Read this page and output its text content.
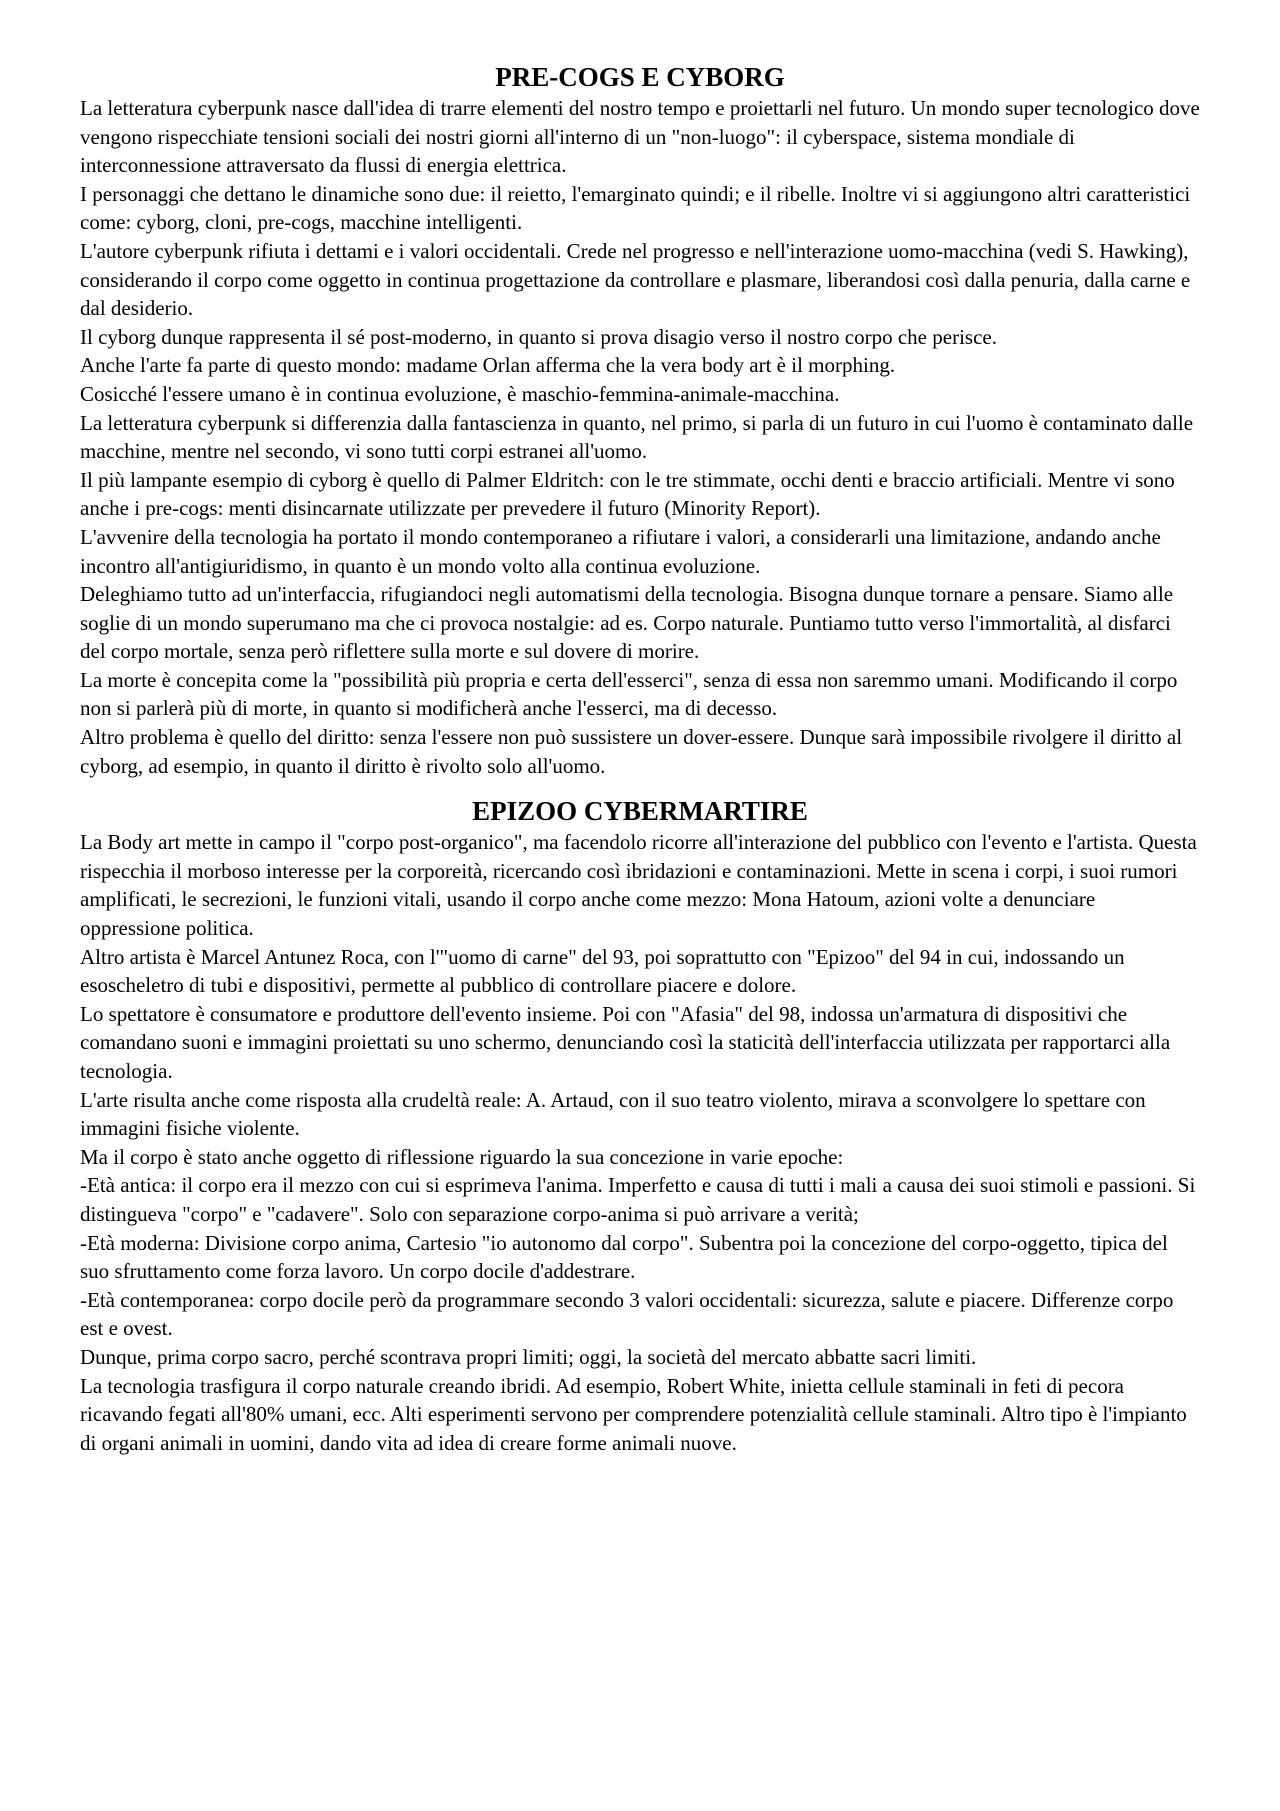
PRE-COGS E CYBORG

La letteratura cyberpunk nasce dall'idea di trarre elementi del nostro tempo e proiettarli nel futuro. Un mondo super tecnologico dove vengono rispecchiate tensioni sociali dei nostri giorni all'interno di un "non-luogo": il cyberspace, sistema mondiale di interconnessione attraversato da flussi di energia elettrica.

I personaggi che dettano le dinamiche sono due: il reietto, l'emarginato quindi; e il ribelle. Inoltre vi si aggiungono altri caratteristici come: cyborg, cloni, pre-cogs, macchine intelligenti.

L'autore cyberpunk rifiuta i dettami e i valori occidentali. Crede nel progresso e nell'interazione uomo-macchina (vedi S. Hawking), considerando il corpo come oggetto in continua progettazione da controllare e plasmare, liberandosi così dalla penuria, dalla carne e dal desiderio.

Il cyborg dunque rappresenta il sé post-moderno, in quanto si prova disagio verso il nostro corpo che perisce.

Anche l'arte fa parte di questo mondo: madame Orlan afferma che la vera body art è il morphing.

Cosicché l'essere umano è in continua evoluzione, è maschio-femmina-animale-macchina.

La letteratura cyberpunk si differenzia dalla fantascienza in quanto, nel primo, si parla di un futuro in cui l'uomo è contaminato dalle macchine, mentre nel secondo, vi sono tutti corpi estranei all'uomo.

Il più lampante esempio di cyborg è quello di Palmer Eldritch: con le tre stimmate, occhi denti e braccio artificiali. Mentre vi sono anche i pre-cogs: menti disincarnate utilizzate per prevedere il futuro (Minority Report).

L'avvenire della tecnologia ha portato il mondo contemporaneo a rifiutare i valori, a considerarli una limitazione, andando anche incontro all'antigiuridismo, in quanto è un mondo volto alla continua evoluzione.

Deleghiamo tutto ad un'interfaccia, rifugiandoci negli automatismi della tecnologia. Bisogna dunque tornare a pensare. Siamo alle soglie di un mondo superumano ma che ci provoca nostalgie: ad es. Corpo naturale. Puntiamo tutto verso l'immortalità, al disfarci del corpo mortale, senza però riflettere sulla morte e sul dovere di morire.

La morte è concepita come la "possibilità più propria e certa dell'esserci", senza di essa non saremmo umani. Modificando il corpo non si parlerà più di morte, in quanto si modificherà anche l'esserci, ma di decesso.

Altro problema è quello del diritto: senza l'essere non può sussistere un dover-essere. Dunque sarà impossibile rivolgere il diritto al cyborg, ad esempio, in quanto il diritto è rivolto solo all'uomo.

EPIZOO CYBERMARTIRE

La Body art mette in campo il "corpo post-organico", ma facendolo ricorre all'interazione del pubblico con l'evento e l'artista. Questa rispecchia il morboso interesse per la corporeità, ricercando così ibridazioni e contaminazioni. Mette in scena i corpi, i suoi rumori amplificati, le secrezioni, le funzioni vitali, usando il corpo anche come mezzo: Mona Hatoum, azioni volte a denunciare oppressione politica.

Altro artista è Marcel Antunez Roca, con l'"uomo di carne" del 93, poi soprattutto con "Epizoo" del 94 in cui, indossando un esoscheletro di tubi e dispositivi, permette al pubblico di controllare piacere e dolore.

Lo spettatore è consumatore e produttore dell'evento insieme. Poi con "Afasia" del 98, indossa un'armatura di dispositivi che comandano suoni e immagini proiettati su uno schermo, denunciando così la staticità dell'interfaccia utilizzata per rapportarci alla tecnologia.

L'arte risulta anche come risposta alla crudeltà reale: A. Artaud, con il suo teatro violento, mirava a sconvolgere lo spettare con immagini fisiche violente.

Ma il corpo è stato anche oggetto di riflessione riguardo la sua concezione in varie epoche:

-Età antica: il corpo era il mezzo con cui si esprimeva l'anima. Imperfetto e causa di tutti i mali a causa dei suoi stimoli e passioni. Si distingueva "corpo" e "cadavere". Solo con separazione corpo-anima si può arrivare a verità;

-Età moderna: Divisione corpo anima, Cartesio "io autonomo dal corpo". Subentra poi la concezione del corpo-oggetto, tipica del suo sfruttamento come forza lavoro. Un corpo docile d'addestrare.

-Età contemporanea: corpo docile però da programmare secondo 3 valori occidentali: sicurezza, salute e piacere. Differenze corpo est e ovest.

Dunque, prima corpo sacro, perché scontrava propri limiti; oggi, la società del mercato abbatte sacri limiti.

La tecnologia trasfigura il corpo naturale creando ibridi. Ad esempio, Robert White, inietta cellule staminali in feti di pecora ricavando fegati all'80% umani, ecc. Alti esperimenti servono per comprendere potenzialità cellule staminali. Altro tipo è l'impianto di organi animali in uomini, dando vita ad idea di creare forme animali nuove.
